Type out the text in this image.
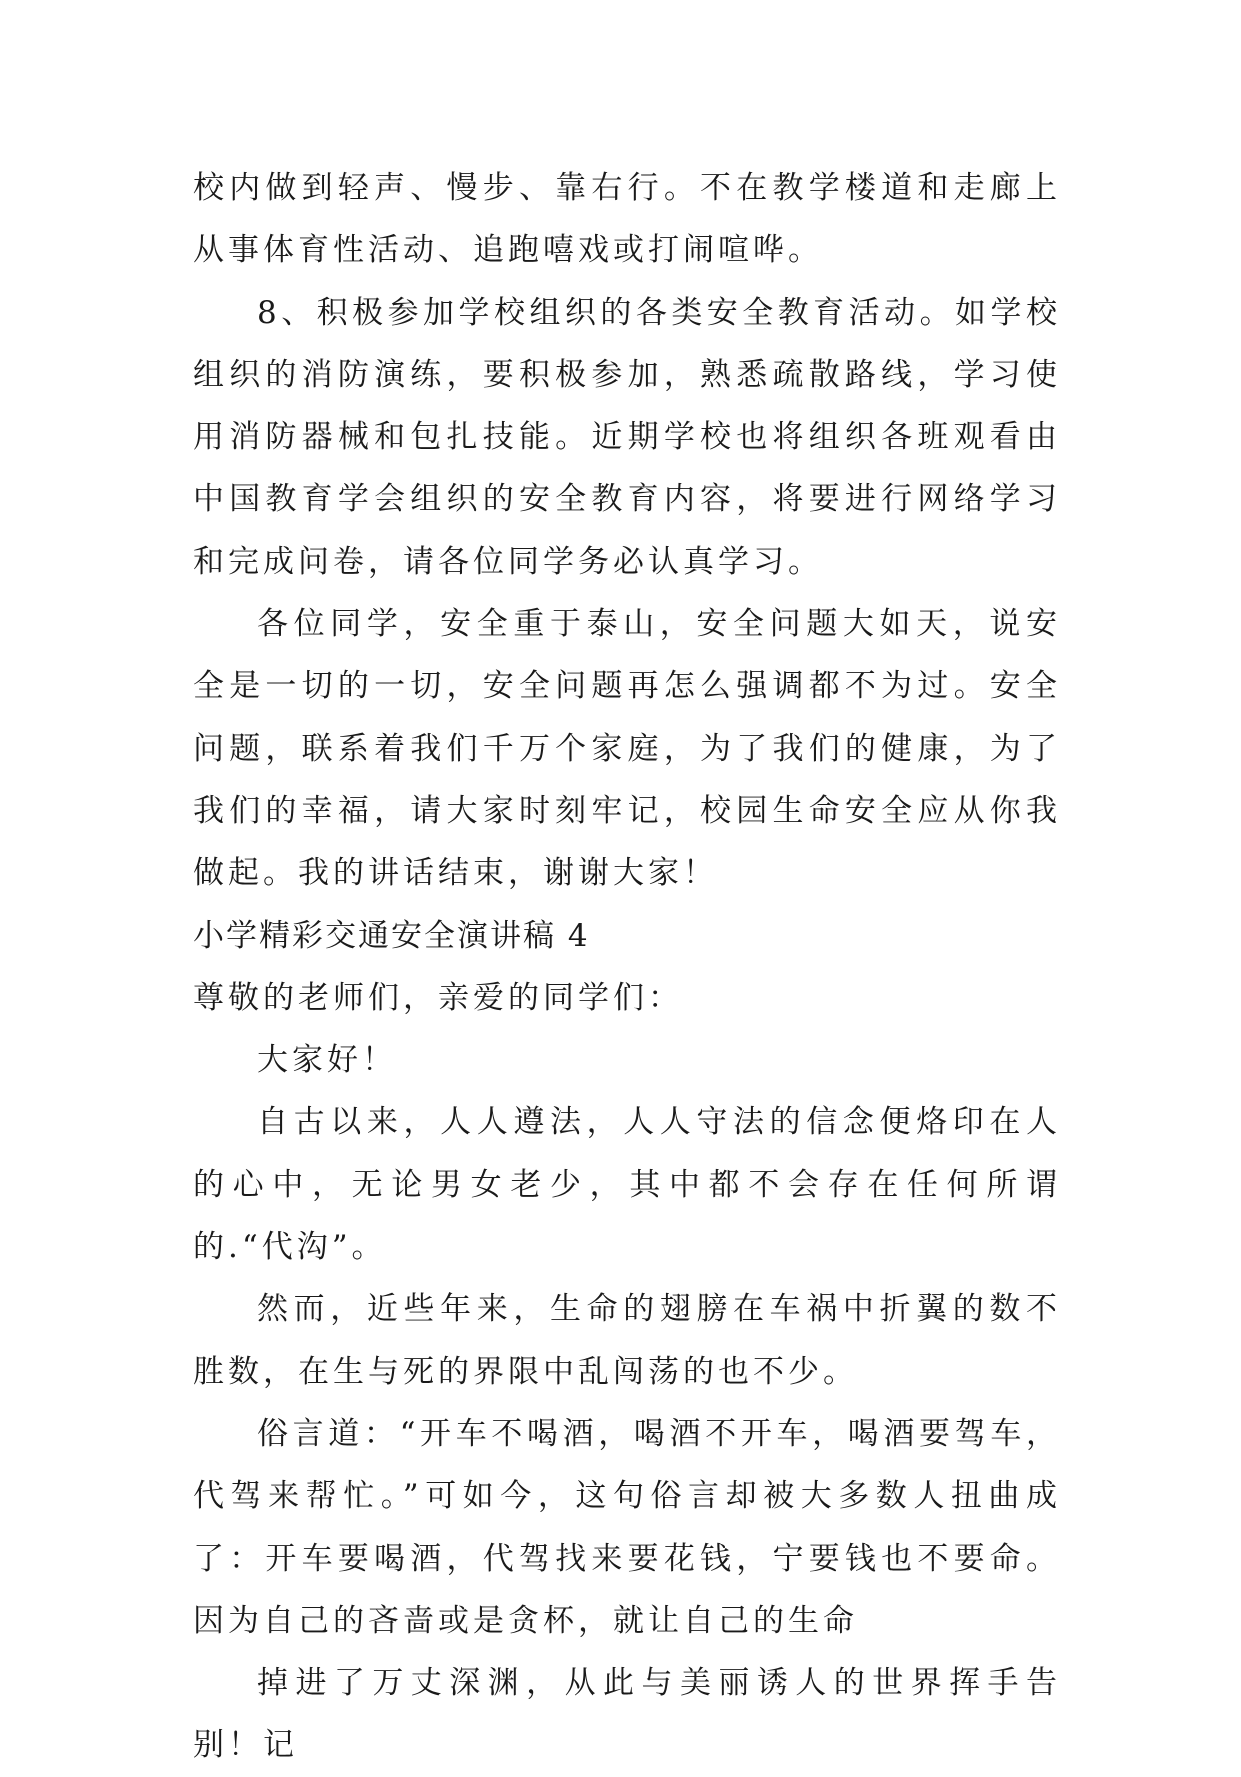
校内做到轻声、慢步、靠右行。不在教学楼道和走廊上从事体育性活动、追跑嘻戏或打闹喧哗。

8、积极参加学校组织的各类安全教育活动。如学校组织的消防演练，要积极参加，熟悉疏散路线，学习使用消防器械和包扎技能。近期学校也将组织各班观看由中国教育学会组织的安全教育内容，将要进行网络学习和完成问卷，请各位同学务必认真学习。

各位同学，安全重于泰山，安全问题大如天，说安全是一切的一切，安全问题再怎么强调都不为过。安全问题，联系着我们千万个家庭，为了我们的健康，为了我们的幸福，请大家时刻牢记，校园生命安全应从你我做起。我的讲话结束，谢谢大家！

小学精彩交通安全演讲稿 4

尊敬的老师们，亲爱的同学们：

大家好！

自古以来，人人遵法，人人守法的信念便烙印在人的心中，无论男女老少，其中都不会存在任何所谓的.“代沟”。

然而，近些年来，生命的翅膀在车祸中折翼的数不胜数，在生与死的界限中乱闯荡的也不少。

俗言道：“开车不喝酒，喝酒不开车，喝酒要驾车，代驾来帮忙。”可如今，这句俗言却被大多数人扭曲成了：开车要喝酒，代驾找来要花钱，宁要钱也不要命。因为自己的吝啬或是贪杯，就让自己的生命

掉进了万丈深渊，从此与美丽诱人的世界挥手告别！记
